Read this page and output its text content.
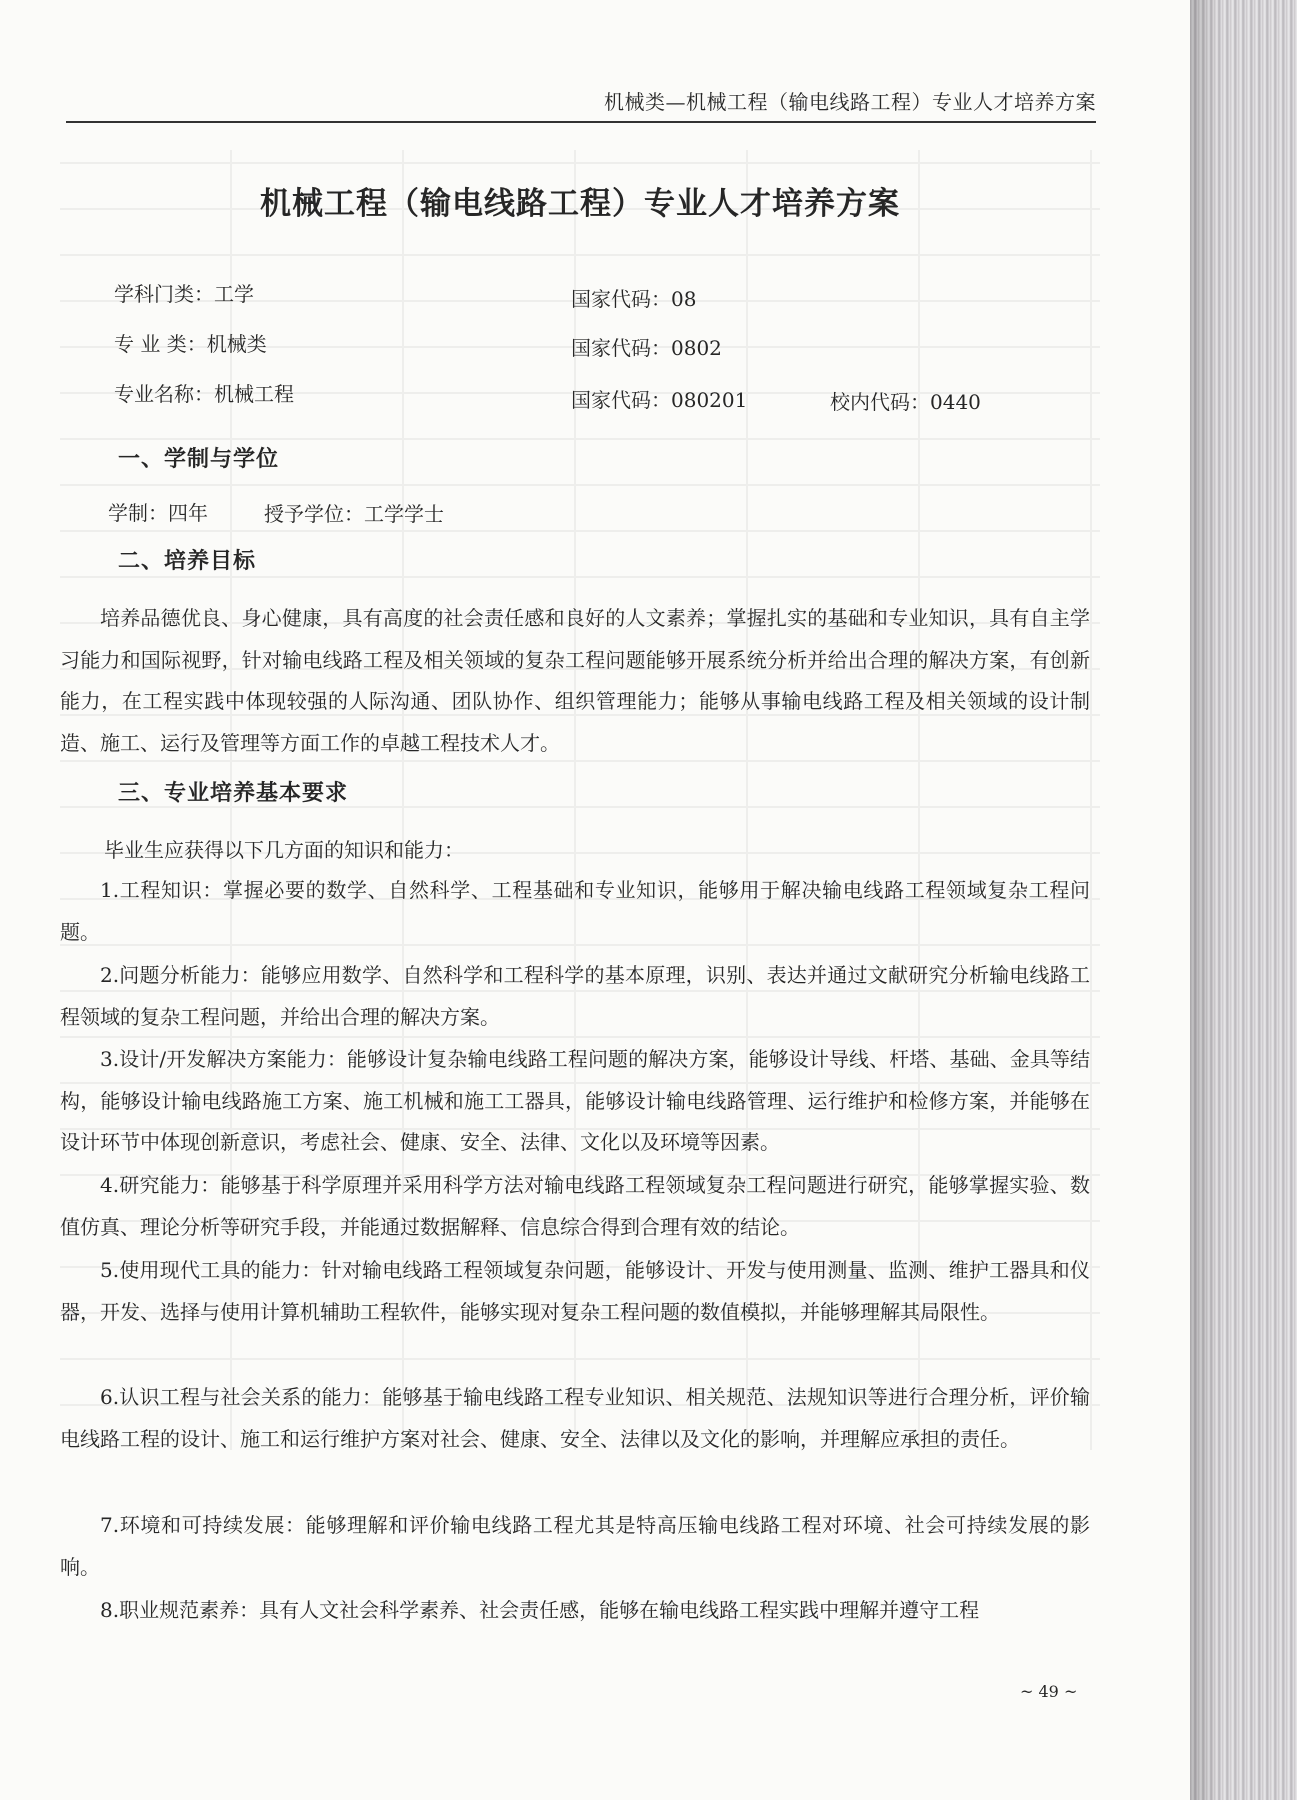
机械类—机械工程（输电线路工程）专业人才培养方案
机械工程（输电线路工程）专业人才培养方案
学科门类：工学	国家代码：08
专 业 类：机械类	国家代码：0802
专业名称：机械工程	国家代码：080201	校内代码：0440
一、学制与学位
学制：四年	授予学位：工学学士
二、培养目标
培养品德优良、身心健康，具有高度的社会责任感和良好的人文素养；掌握扎实的基础和专业知识，具有自主学习能力和国际视野，针对输电线路工程及相关领域的复杂工程问题能够开展系统分析并给出合理的解决方案，有创新能力，在工程实践中体现较强的人际沟通、团队协作、组织管理能力；能够从事输电线路工程及相关领域的设计制造、施工、运行及管理等方面工作的卓越工程技术人才。
三、专业培养基本要求
毕业生应获得以下几方面的知识和能力：
1.工程知识：掌握必要的数学、自然科学、工程基础和专业知识，能够用于解决输电线路工程领域复杂工程问题。
2.问题分析能力：能够应用数学、自然科学和工程科学的基本原理，识别、表达并通过文献研究分析输电线路工程领域的复杂工程问题，并给出合理的解决方案。
3.设计/开发解决方案能力：能够设计复杂输电线路工程问题的解决方案，能够设计导线、杆塔、基础、金具等结构，能够设计输电线路施工方案、施工机械和施工工器具，能够设计输电线路管理、运行维护和检修方案，并能够在设计环节中体现创新意识，考虑社会、健康、安全、法律、文化以及环境等因素。
4.研究能力：能够基于科学原理并采用科学方法对输电线路工程领域复杂工程问题进行研究，能够掌握实验、数值仿真、理论分析等研究手段，并能通过数据解释、信息综合得到合理有效的结论。
5.使用现代工具的能力：针对输电线路工程领域复杂问题，能够设计、开发与使用测量、监测、维护工器具和仪器，开发、选择与使用计算机辅助工程软件，能够实现对复杂工程问题的数值模拟，并能够理解其局限性。
6.认识工程与社会关系的能力：能够基于输电线路工程专业知识、相关规范、法规知识等进行合理分析，评价输电线路工程的设计、施工和运行维护方案对社会、健康、安全、法律以及文化的影响，并理解应承担的责任。
7.环境和可持续发展：能够理解和评价输电线路工程尤其是特高压输电线路工程对环境、社会可持续发展的影响。
8.职业规范素养：具有人文社会科学素养、社会责任感，能够在输电线路工程实践中理解并遵守工程
~ 49 ~
